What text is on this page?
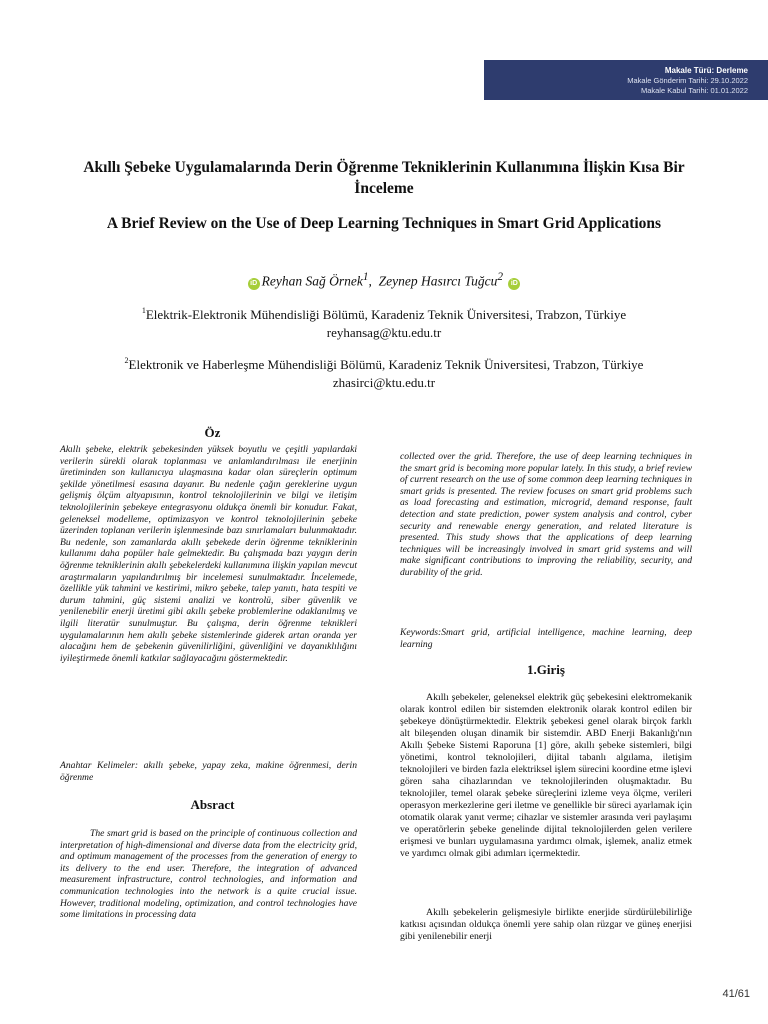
Makale Türü: Derleme
Makale Gönderim Tarihi: 29.10.2022
Makale Kabul Tarihi: 01.01.2022
Akıllı Şebeke Uygulamalarında Derin Öğrenme Tekniklerinin Kullanımına İlişkin Kısa Bir İnceleme
A Brief Review on the Use of Deep Learning Techniques in Smart Grid Applications
iD Reyhan Sağ Örnek$^1$, Zeynep Hasırcı Tuğcu$^2$ iD
$^1$Elektrik-Elektronik Mühendisliği Bölümü, Karadeniz Teknik Üniversitesi, Trabzon, Türkiye
reyhansag@ktu.edu.tr
$^2$Elektronik ve Haberleşme Mühendisliği Bölümü, Karadeniz Teknik Üniversitesi, Trabzon, Türkiye
zhasirci@ktu.edu.tr
Öz

Akıllı şebeke, elektrik şebekesinden yüksek boyutlu ve çeşitli yapılardaki verilerin sürekli olarak toplanması ve anlamlandırılması ile enerjinin üretiminden son kullanıcıya ulaşmasına kadar olan süreçlerin optimum şekilde yönetilmesi esasına dayanır. Bu nedenle çağın gereklerine uygun gelişmiş ölçüm altyapısının, kontrol teknolojilerinin ve bilgi ve iletişim teknolojilerinin şebekeye entegrasyonu oldukça önemli bir konudur. Fakat, geleneksel modelleme, optimizasyon ve kontrol teknolojilerinin şebeke üzerinden toplanan verilerin işlenmesinde bazı sınırlamaları bulunmaktadır. Bu nedenle, son zamanlarda akıllı şebekede derin öğrenme tekniklerinin kullanımı daha popüler hale gelmektedir. Bu çalışmada bazı yaygın derin öğrenme tekniklerinin akıllı şebekelerdeki kullanımına ilişkin yapılan mevcut araştırmaların yapılandırılmış bir incelemesi sunulmaktadır. İncelemede, özellikle yük tahmini ve kestirimi, mikro şebeke, talep yanıtı, hata tespiti ve durum tahmini, güç sistemi analizi ve kontrolü, siber güvenlik ve yenilenebilir enerji üretimi gibi akıllı şebeke problemlerine odaklanılmış ve ilgili literatür sunulmuştur. Bu çalışma, derin öğrenme teknikleri uygulamalarının hem akıllı şebeke sistemlerinde giderek artan oranda yer alacağını hem de şebekenin güvenilirliğini, güvenliğini ve dayanıklılığını iyileştirmede önemli katkılar sağlayacağını göstermektedir.

Anahtar Kelimeler: akıllı şebeke, yapay zeka, makine öğrenmesi, derin öğrenme

Absract

The smart grid is based on the principle of continuous collection and interpretation of high-dimensional and diverse data from the electricity grid, and optimum management of the processes from the generation of energy to its delivery to the end user. Therefore, the integration of advanced measurement infrastructure, control technologies, and information and communication technologies into the network is a quite crucial issue. However, traditional modeling, optimization, and control technologies have some limitations in processing data

collected over the grid. Therefore, the use of deep learning techniques in the smart grid is becoming more popular lately. In this study, a brief review of current research on the use of some common deep learning techniques in smart grids is presented. The review focuses on smart grid problems such as load forecasting and estimation, microgrid, demand response, fault detection and state prediction, power system analysis and control, cyber security and renewable energy generation, and related literature is presented. This study shows that the applications of deep learning techniques will be increasingly involved in smart grid systems and will make significant contributions to improving the reliability, security, and durability of the grid.

Keywords:Smart grid, artificial intelligence, machine learning, deep learning

1.Giriş

Akıllı şebekeler, geleneksel elektrik güç şebekesini elektromekanik olarak kontrol edilen bir sistemden elektronik olarak kontrol edilen bir şebekeye dönüştürmektedir. Elektrik şebekesi genel olarak birçok farklı alt bileşenden oluşan dinamik bir sistemdir. ABD Enerji Bakanlığı'nın Akıllı Şebeke Sistemi Raporuna [1] göre, akıllı şebeke sistemleri, bilgi yönetimi, kontrol teknolojileri, dijital tabanlı algılama, iletişim teknolojileri ve birden fazla elektriksel işlem sürecini koordine etme işlevi gören saha cihazlarından ve teknolojilerinden oluşmaktadır. Bu teknolojiler, temel olarak şebeke süreçlerini izleme veya ölçme, verileri operasyon merkezlerine geri iletme ve genellikle bir süreci ayarlamak için otomatik olarak yanıt verme; cihazlar ve sistemler arasında veri paylaşımı ve operatörlerin şebeke genelinde dijital teknolojilerden gelen verilere erişmesi ve bunları uygulamasına yardımcı olmak, işlemek, analiz etmek ve yardımcı olmak gibi adımları içermektedir.

Akıllı şebekelerin gelişmesiyle birlikte enerjide sürdürülebilirliğe katkısı açısından oldukça önemli yere sahip olan rüzgar ve güneş enerjisi gibi yenilenebilir enerji

41/61
